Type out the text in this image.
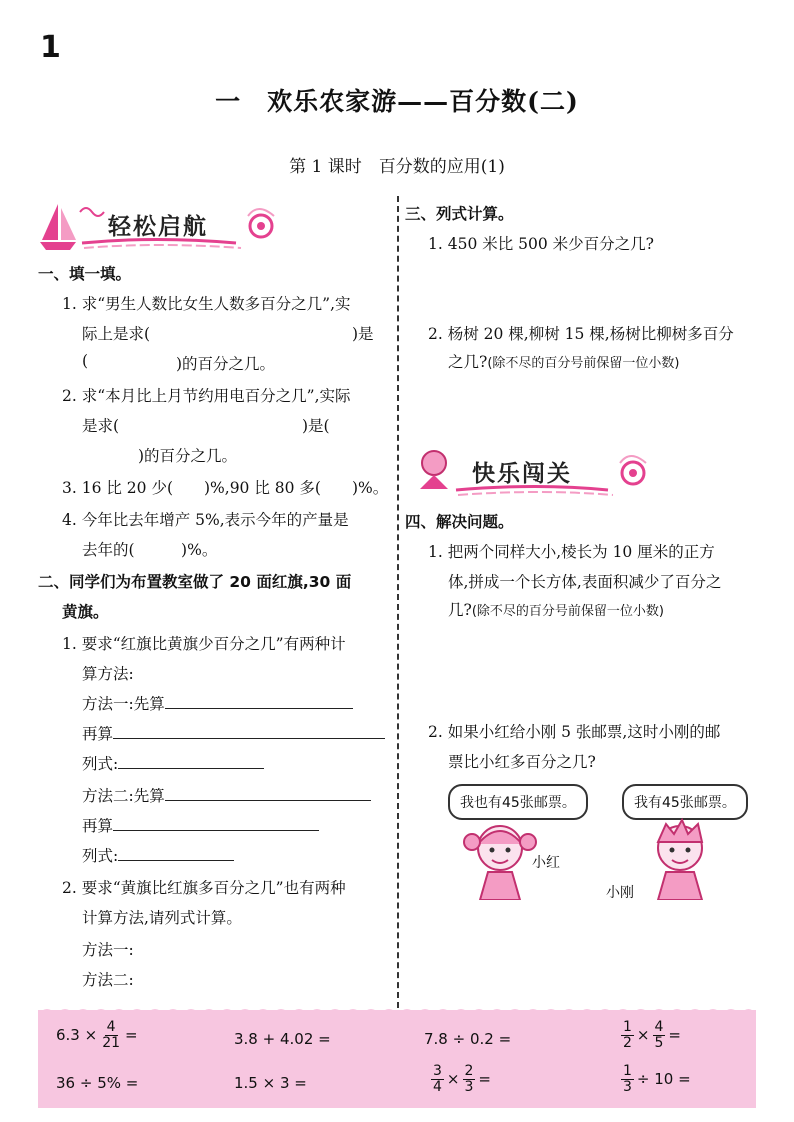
1
一　欢乐农家游——百分数(二)
第 1 课时　百分数的应用(1)
轻松启航
快乐闯关
一、填一填。
1. 求“男生人数比女生人数多百分之几”,实
际上是求(	)是
(	)的百分之几。
2. 求“本月比上月节约用电百分之几”,实际
是求(	)是(
)的百分之几。
3. 16 比 20 少(　　)%,90 比 80 多(　　)%。
4. 今年比去年增产 5%,表示今年的产量是
去年的(　　　)%。
二、同学们为布置教室做了 20 面红旗,30 面
黄旗。
1. 要求“红旗比黄旗少百分之几”有两种计
算方法:
方法一:先算
再算
列式:
方法二:先算
再算
列式:
2. 要求“黄旗比红旗多百分之几”也有两种
计算方法,请列式计算。
方法一:
方法二:
三、列式计算。
1. 450 米比 500 米少百分之几?
2. 杨树 20 棵,柳树 15 棵,杨树比柳树多百分
之几?(除不尽的百分号前保留一位小数)
四、解决问题。
1. 把两个同样大小,棱长为 10 厘米的正方
体,拼成一个长方体,表面积减少了百分之
几?(除不尽的百分号前保留一位小数)
2. 如果小红给小刚 5 张邮票,这时小刚的邮
票比小红多百分之几?
我也有45张邮票。	我有45张邮票。
小红
小刚
$6.3 \times \frac{4}{21}$ =	3.8 + 4.02 =	7.8 ÷ 0.2 =	$\frac{1}{2} \times \frac{4}{5}$ =
36 ÷ 5% =	1.5 × 3 =	$\frac{3}{4} \times \frac{2}{3}$ =	$\frac{1}{3} \div 10$ =
